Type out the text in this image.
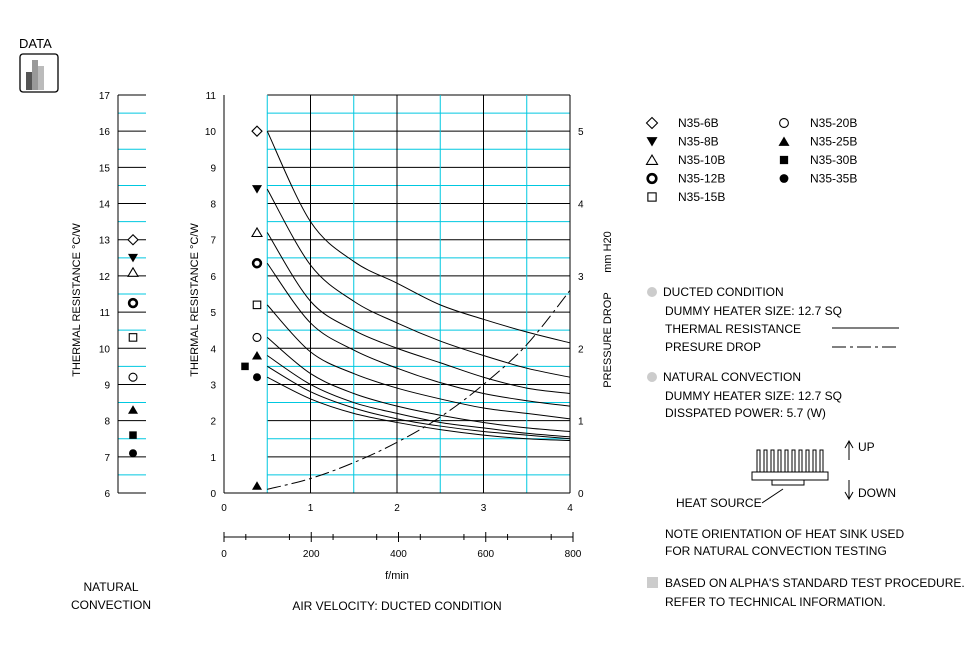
DATA
6
7
8
9
10
11
12
13
14
15
16
17
THERMAL RESISTANCE °C/W
NATURAL
CONVECTION
0
1
2
3
4
5
6
7
8
9
10
11
0
1
2
3
4
5
0	1	2	3	4
0	200	400	600	800
THERMAL RESISTANCE °C/W	PRESSURE DROP
mm H20
f/min
AIR VELOCITY: DUCTED CONDITION
N35-6B
N35-8B
N35-10B
N35-12B
N35-15B
N35-20B
N35-25B
N35-30B
N35-35B
UP
DOWN
HEAT SOURCE
DUCTED CONDITION
DUMMY HEATER SIZE: 12.7 SQ
THERMAL RESISTANCE
PRESURE DROP
NATURAL CONVECTION
DUMMY HEATER SIZE: 12.7 SQ
DISSPATED POWER: 5.7 (W)
NOTE ORIENTATION OF HEAT SINK USED
FOR NATURAL CONVECTION TESTING
BASED ON ALPHA'S STANDARD TEST PROCEDURE.
REFER TO TECHNICAL INFORMATION.
